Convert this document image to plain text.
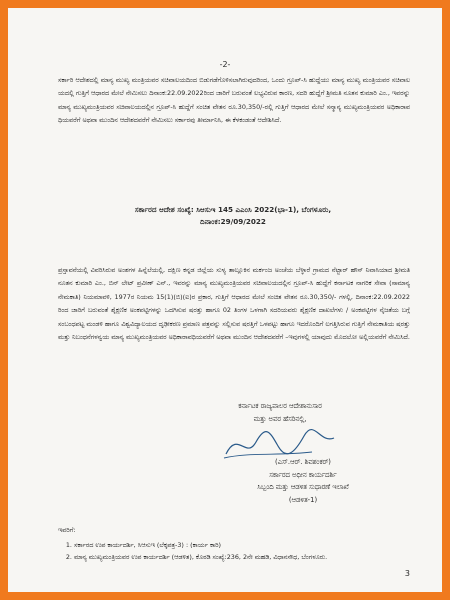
-2-
ಸರ್ಕಾರಿ ಆದೇಶದಲ್ಲಿ ಮಾನ್ಯ ಮುಖ್ಯ ಮಂತ್ರಿಯವರ ಸಚಿವಾಲಯದಿಂದ ಬಿಡುಗಡೆಗೊಳಿಸಲಾಗಿರುವುದರಿಂದ, ಒಂದು ಗ್ರೂಪ್-ಸಿ ಹುದ್ದೆಯು ಮಾನ್ಯ ಮುಖ್ಯ ಮಂತ್ರಿಯವರ ಸಚಿವಾಲಯದಲ್ಲಿ ಗುತ್ತಿಗೆ ಆಧಾರದ ಮೇಲೆ ನೇಮಿಸಲು ದಿನಾಂಕ:22.09.2022ರಿಂದ ಜಾರಿಗೆ ಬರುವಂತೆ ಲಭ್ಯವಿರುವ ಕಾರಣ, ಸದರಿ ಹುದ್ದೆಗೆ ಶ್ರೀಮತಿ ನೂತನ ಕುಮಾರಿ ಎಂ., ಇವರನ್ನು ಮಾನ್ಯ ಮುಖ್ಯಮಂತ್ರಿಯವರ ಸಚಿವಾಲಯದಲ್ಲಿನ ಗ್ರೂಪ್-ಸಿ ಹುದ್ದೆಗೆ ಸಂಚಿತ ವೇತನ ರೂ.30,350/-ರಲ್ಲಿ ಗುತ್ತಿಗೆ ಆಧಾರದ ಮೇಲೆ ಸನ್ಮಾನ್ಯ ಮುಖ್ಯಮಂತ್ರಿಯವರ ಅಧಿಕಾರಾವಧಿಯವರೆಗೆ ಅಥವಾ ಮುಂದಿನ ಆದೇಶದವರೆಗೆ ನೇಮಿಸಲು ಸರ್ಕಾರವು ತೀರ್ಮಾನಿಸಿ, ಈ ಕೆಳಕಂಡಂತೆ ಆದೇಶಿಸಿದೆ.
ಸರ್ಕಾರದ ಆದೇಶ ಸಂಖ್ಯೆ: ಸಿಆಸುಇ 145 ಎಎಂಸಿ 2022(ಭಾ-1), ಬೆಂಗಳೂರು,
ದಿನಾಂಕ:29/09/2022
ಪ್ರಸ್ತಾವನೆಯಲ್ಲಿ ವಿವರಿಸಿರುವ ಅಂಶಗಳ ಹಿನ್ನೆಲೆಯಲ್ಲಿ, ದಕ್ಷಿಣ ಕನ್ನಡ ಜಿಲ್ಲೆಯ ಸುಳ್ಯ ತಾಲ್ಲೂಕಿನ ಮರ್ಕಂಜ ಅಂಚೆಯ ಬೆಳ್ಳಾರೆ ಗ್ರಾಮದ ನೆಟ್ಟಾರ್ ಹೌಸ್ ನಿವಾಸಿಯಾದ ಶ್ರೀಮತಿ ನೂತನ ಕುಮಾರಿ ಎಂ., ಬಿನ್ ಲೇಟ್ ಪ್ರವೀಣ್ ಎನ್., ಇವರನ್ನು ಮಾನ್ಯ ಮುಖ್ಯಮಂತ್ರಿಯವರ ಸಚಿವಾಲಯದಲ್ಲಿನ ಗ್ರೂಪ್-ಸಿ ಹುದ್ದೆಗೆ ಕರ್ನಾಟಕ ನಾಗರಿಕ ಸೇವಾ (ಸಾಮಾನ್ಯ ನೇಮಕಾತಿ) ನಿಯಮಾವಳಿ, 1977ರ ನಿಯಮ 15(1)(ಬಿ)(ಐ)ರ ಪ್ರಕಾರ, ಗುತ್ತಿಗೆ ಆಧಾರದ ಮೇಲೆ ಸಂಚಿತ ವೇತನ ರೂ.30,350/- ಗಳಲ್ಲಿ, ದಿನಾಂಕ:22.09.2022ರಿಂದ ಜಾರಿಗೆ ಬರುವಂತೆ ಶೈಕ್ಷಣಿಕ ಅಂಕಪಟ್ಟಿಗಳನ್ನು ಒದಗಿಸುವ ಷರತ್ತು ಹಾಗೂ 02 ತಿಂಗಳ ಒಳಗಾಗಿ ಸದರಿಯವರು ಶೈಕ್ಷಣಿಕ ದಾಖಲೆಗಳು / ಅಂಕಪಟ್ಟಿಗಳ ನೈಜತೆಯ ಬಗ್ಗೆ ಸಂಬಂಧಪಟ್ಟ ಮಂಡಳಿ ಹಾಗೂ ವಿಶ್ವವಿದ್ಯಾಲಯದ ದೃಢೀಕರಣ ಪ್ರಮಾಣ ಪತ್ರವನ್ನು ಸಲ್ಲಿಸುವ ಷರತ್ತಿಗೆ ಒಳಪಟ್ಟು ಹಾಗೂ ಇದರೊಂದಿಗೆ ಲಗತ್ತಿಸಿರುವ ಗುತ್ತಿಗೆ ನೇಮಕಾತಿಯ ಷರತ್ತು ಮತ್ತು ನಿಬಂಧನೆಗಳನ್ವಯ ಮಾನ್ಯ ಮುಖ್ಯಮಂತ್ರಿಯವರ ಅಧಿಕಾರಾವಧಿಯವರೆಗೆ ಅಥವಾ ಮುಂದಿನ ಆದೇಶದವರೆಗೆ –ಇವುಗಳಲ್ಲಿ ಯಾವುದು ಮೊದಲೋ ಅಲ್ಲಿಯವರೆಗೆ ನೇಮಿಸಿದೆ.
ಕರ್ನಾಟಕ ರಾಜ್ಯಪಾಲರ ಆದೇಶಾನುಸಾರ
ಮತ್ತು ಅವರ ಹೆಸರಿನಲ್ಲಿ,
(ಎಸ್.ಆರ್. ಶಿವಶಂಕರ್)
ಸರ್ಕಾರದ ಅಧೀನ ಕಾರ್ಯದರ್ಶಿ
ಸಿಬ್ಬಂದಿ ಮತ್ತು ಆಡಳಿತ ಸುಧಾರಣೆ ಇಲಾಖೆ
(ಆಡಳಿತ-1)
ಇವರಿಗೆ:
1. ಸರ್ಕಾರದ ಉಪ ಕಾರ್ಯದರ್ಶಿ, ಸಿಆಸುಇ (ಲೆಕ್ಕಪತ್ರ-3) : (ಕಾರ್ಯ ಕಾರಿ)
2. ಮಾನ್ಯ ಮುಖ್ಯಮಂತ್ರಿಯವರ ಉಪ ಕಾರ್ಯದರ್ಶಿ (ಆಡಳಿತ), ಕೊಠಡಿ ಸಂಖ್ಯೆ:236, 2ನೇ ಮಹಡಿ, ವಿಧಾನಸೌಧ, ಬೆಂಗಳೂರು.
3
